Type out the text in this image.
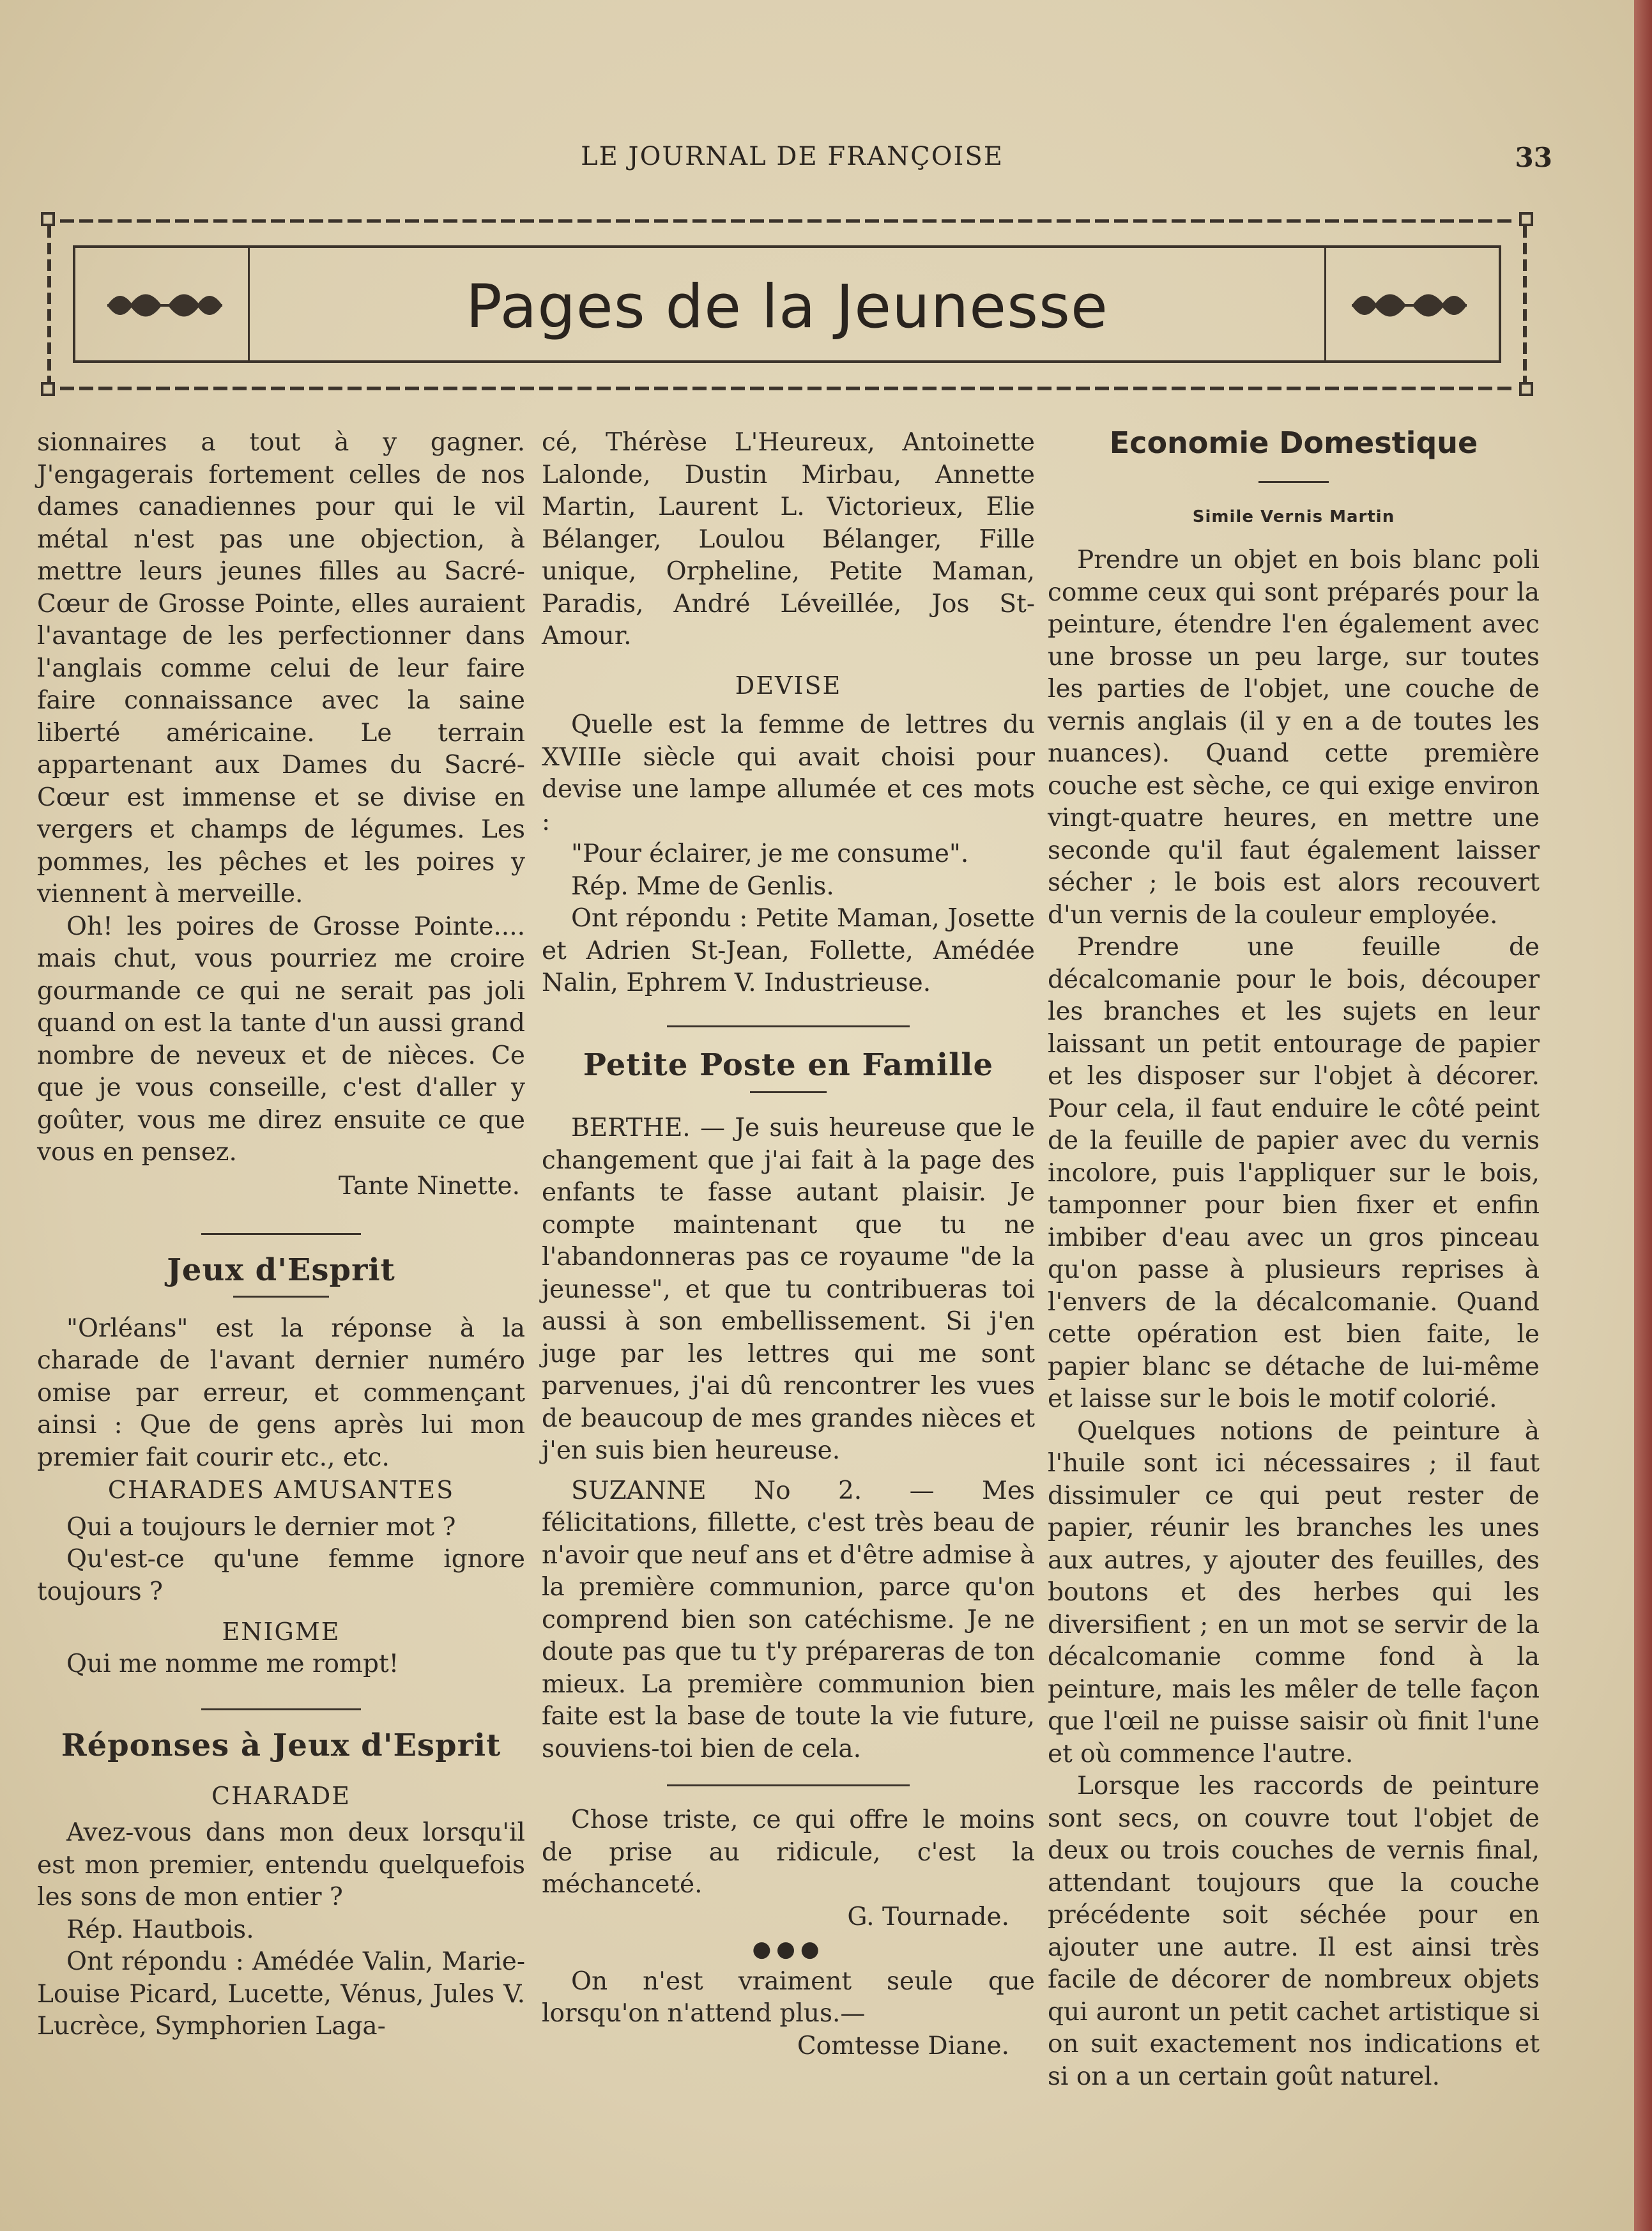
LE JOURNAL DE FRANÇOISE	33
Pages de la Jeunesse

sionnaires a tout à y gagner. J'engagerais fortement celles de nos dames canadiennes pour qui le vil métal n'est pas une objection, à mettre leurs jeunes filles au Sacré-Cœur de Grosse Pointe, elles auraient l'avantage de les perfectionner dans l'anglais comme celui de leur faire faire connaissance avec la saine liberté américaine. Le terrain appartenant aux Dames du Sacré-Cœur est immense et se divise en vergers et champs de légumes. Les pommes, les pêches et les poires y viennent à merveille.

Oh! les poires de Grosse Pointe.... mais chut, vous pourriez me croire gourmande ce qui ne serait pas joli quand on est la tante d'un aussi grand nombre de neveux et de nièces. Ce que je vous conseille, c'est d'aller y goûter, vous me direz ensuite ce que vous en pensez.

Tante Ninette.

Jeux d'Esprit

"Orléans" est la réponse à la charade de l'avant dernier numéro omise par erreur, et commençant ainsi : Que de gens après lui mon premier fait courir etc., etc.

CHARADES AMUSANTES

Qui a toujours le dernier mot ?

Qu'est-ce qu'une femme ignore toujours ?

ENIGME

Qui me nomme me rompt!

Réponses à Jeux d'Esprit

CHARADE

Avez-vous dans mon deux lorsqu'il est mon premier, entendu quelquefois les sons de mon entier ?

Rép. Hautbois.

Ont répondu : Amédée Valin, Marie-Louise Picard, Lucette, Vénus, Jules V. Lucrèce, Symphorien Laga-

cé, Thérèse L'Heureux, Antoinette Lalonde, Dustin Mirbau, Annette Martin, Laurent L. Victorieux, Elie Bélanger, Loulou Bélanger, Fille unique, Orpheline, Petite Maman, Paradis, André Léveillée, Jos St-Amour.

DEVISE

Quelle est la femme de lettres du XVIIIe siècle qui avait choisi pour devise une lampe allumée et ces mots :

"Pour éclairer, je me consume".

Rép. Mme de Genlis.

Ont répondu : Petite Maman, Josette et Adrien St-Jean, Follette, Amédée Nalin, Ephrem V. Industrieuse.

Petite Poste en Famille

BERTHE. — Je suis heureuse que le changement que j'ai fait à la page des enfants te fasse autant plaisir. Je compte maintenant que tu ne l'abandonneras pas ce royaume "de la jeunesse", et que tu contribueras toi aussi à son embellissement. Si j'en juge par les lettres qui me sont parvenues, j'ai dû rencontrer les vues de beaucoup de mes grandes nièces et j'en suis bien heureuse.

SUZANNE No 2. — Mes félicitations, fillette, c'est très beau de n'avoir que neuf ans et d'être admise à la première communion, parce qu'on comprend bien son catéchisme. Je ne doute pas que tu t'y prépareras de ton mieux. La première communion bien faite est la base de toute la vie future, souviens-toi bien de cela.

Chose triste, ce qui offre le moins de prise au ridicule, c'est la méchanceté.

G. Tournade.

●●●

On n'est vraiment seule que lorsqu'on n'attend plus.—

Comtesse Diane.

Economie Domestique

Simile Vernis Martin

Prendre un objet en bois blanc poli comme ceux qui sont préparés pour la peinture, étendre l'en également avec une brosse un peu large, sur toutes les parties de l'objet, une couche de vernis anglais (il y en a de toutes les nuances). Quand cette première couche est sèche, ce qui exige environ vingt-quatre heures, en mettre une seconde qu'il faut également laisser sécher ; le bois est alors recouvert d'un vernis de la couleur employée.

Prendre une feuille de décalcomanie pour le bois, découper les branches et les sujets en leur laissant un petit entourage de papier et les disposer sur l'objet à décorer. Pour cela, il faut enduire le côté peint de la feuille de papier avec du vernis incolore, puis l'appliquer sur le bois, tamponner pour bien fixer et enfin imbiber d'eau avec un gros pinceau qu'on passe à plusieurs reprises à l'envers de la décalcomanie. Quand cette opération est bien faite, le papier blanc se détache de lui-même et laisse sur le bois le motif colorié.

Quelques notions de peinture à l'huile sont ici nécessaires ; il faut dissimuler ce qui peut rester de papier, réunir les branches les unes aux autres, y ajouter des feuilles, des boutons et des herbes qui les diversifient ; en un mot se servir de la décalcomanie comme fond à la peinture, mais les mêler de telle façon que l'œil ne puisse saisir où finit l'une et où commence l'autre.

Lorsque les raccords de peinture sont secs, on couvre tout l'objet de deux ou trois couches de vernis final, attendant toujours que la couche précédente soit séchée pour en ajouter une autre. Il est ainsi très facile de décorer de nombreux objets qui auront un petit cachet artistique si on suit exactement nos indications et si on a un certain goût naturel.
